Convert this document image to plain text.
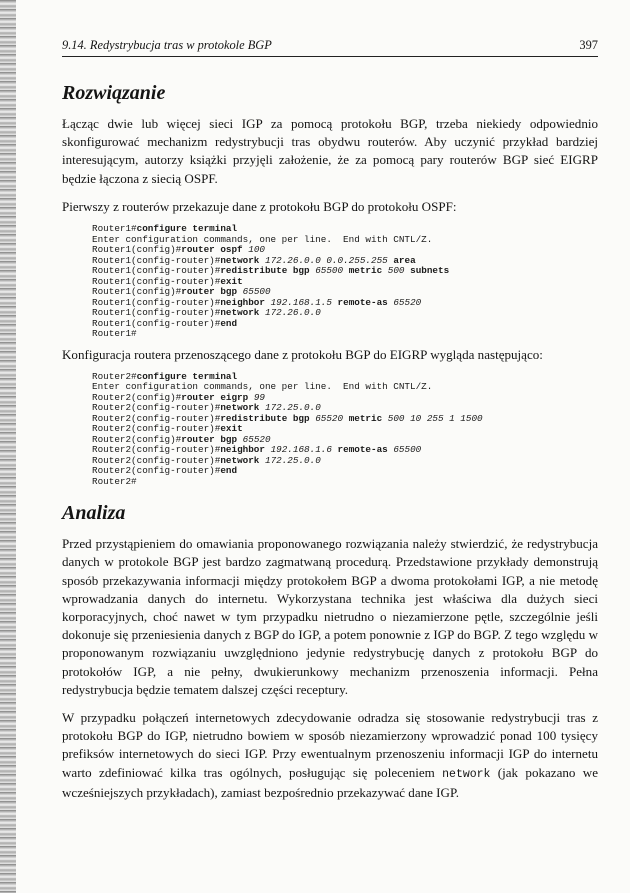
9.14. Redystrybucja tras w protokole BGP	397
Rozwiązanie

Łącząc dwie lub więcej sieci IGP za pomocą protokołu BGP, trzeba niekiedy odpowiednio skonfigurować mechanizm redystrybucji tras obydwu routerów. Aby uczynić przykład bardziej interesującym, autorzy książki przyjęli założenie, że za pomocą pary routerów BGP sieć EIGRP będzie łączona z siecią OSPF.

Pierwszy z routerów przekazuje dane z protokołu BGP do protokołu OSPF:

Router1#configure terminal
Enter configuration commands, one per line.  End with CNTL/Z.
Router1(config)#router ospf 100
Router1(config-router)#network 172.26.0.0 0.0.255.255 area
Router1(config-router)#redistribute bgp 65500 metric 500 subnets
Router1(config-router)#exit
Router1(config)#router bgp 65500
Router1(config-router)#neighbor 192.168.1.5 remote-as 65520
Router1(config-router)#network 172.26.0.0
Router1(config-router)#end
Router1#

Konfiguracja routera przenoszącego dane z protokołu BGP do EIGRP wygląda następująco:

Router2#configure terminal
Enter configuration commands, one per line.  End with CNTL/Z.
Router2(config)#router eigrp 99
Router2(config-router)#network 172.25.0.0
Router2(config-router)#redistribute bgp 65520 metric 500 10 255 1 1500
Router2(config-router)#exit
Router2(config)#router bgp 65520
Router2(config-router)#neighbor 192.168.1.6 remote-as 65500
Router2(config-router)#network 172.25.0.0
Router2(config-router)#end
Router2#
Analiza

Przed przystąpieniem do omawiania proponowanego rozwiązania należy stwierdzić, że redystrybucja danych w protokole BGP jest bardzo zagmatwaną procedurą. Przedstawione przykłady demonstrują sposób przekazywania informacji między protokołem BGP a dwoma protokołami IGP, a nie metodę wprowadzania danych do internetu. Wykorzystana technika jest właściwa dla dużych sieci korporacyjnych, choć nawet w tym przypadku nietrudno o niezamierzone pętle, szczególnie jeśli dokonuje się przeniesienia danych z BGP do IGP, a potem ponownie z IGP do BGP. Z tego względu w proponowanym rozwiązaniu uwzględniono jedynie redystrybucję danych z protokołu BGP do protokołów IGP, a nie pełny, dwukierunkowy mechanizm przenoszenia informacji. Pełna redystrybucja będzie tematem dalszej części receptury.

W przypadku połączeń internetowych zdecydowanie odradza się stosowanie redystrybucji tras z protokołu BGP do IGP, nietrudno bowiem w sposób niezamierzony wprowadzić ponad 100 tysięcy prefiksów internetowych do sieci IGP. Przy ewentualnym przenoszeniu informacji IGP do internetu warto zdefiniować kilka tras ogólnych, posługując się poleceniem network (jak pokazano we wcześniejszych przykładach), zamiast bezpośrednio przekazywać dane IGP.
